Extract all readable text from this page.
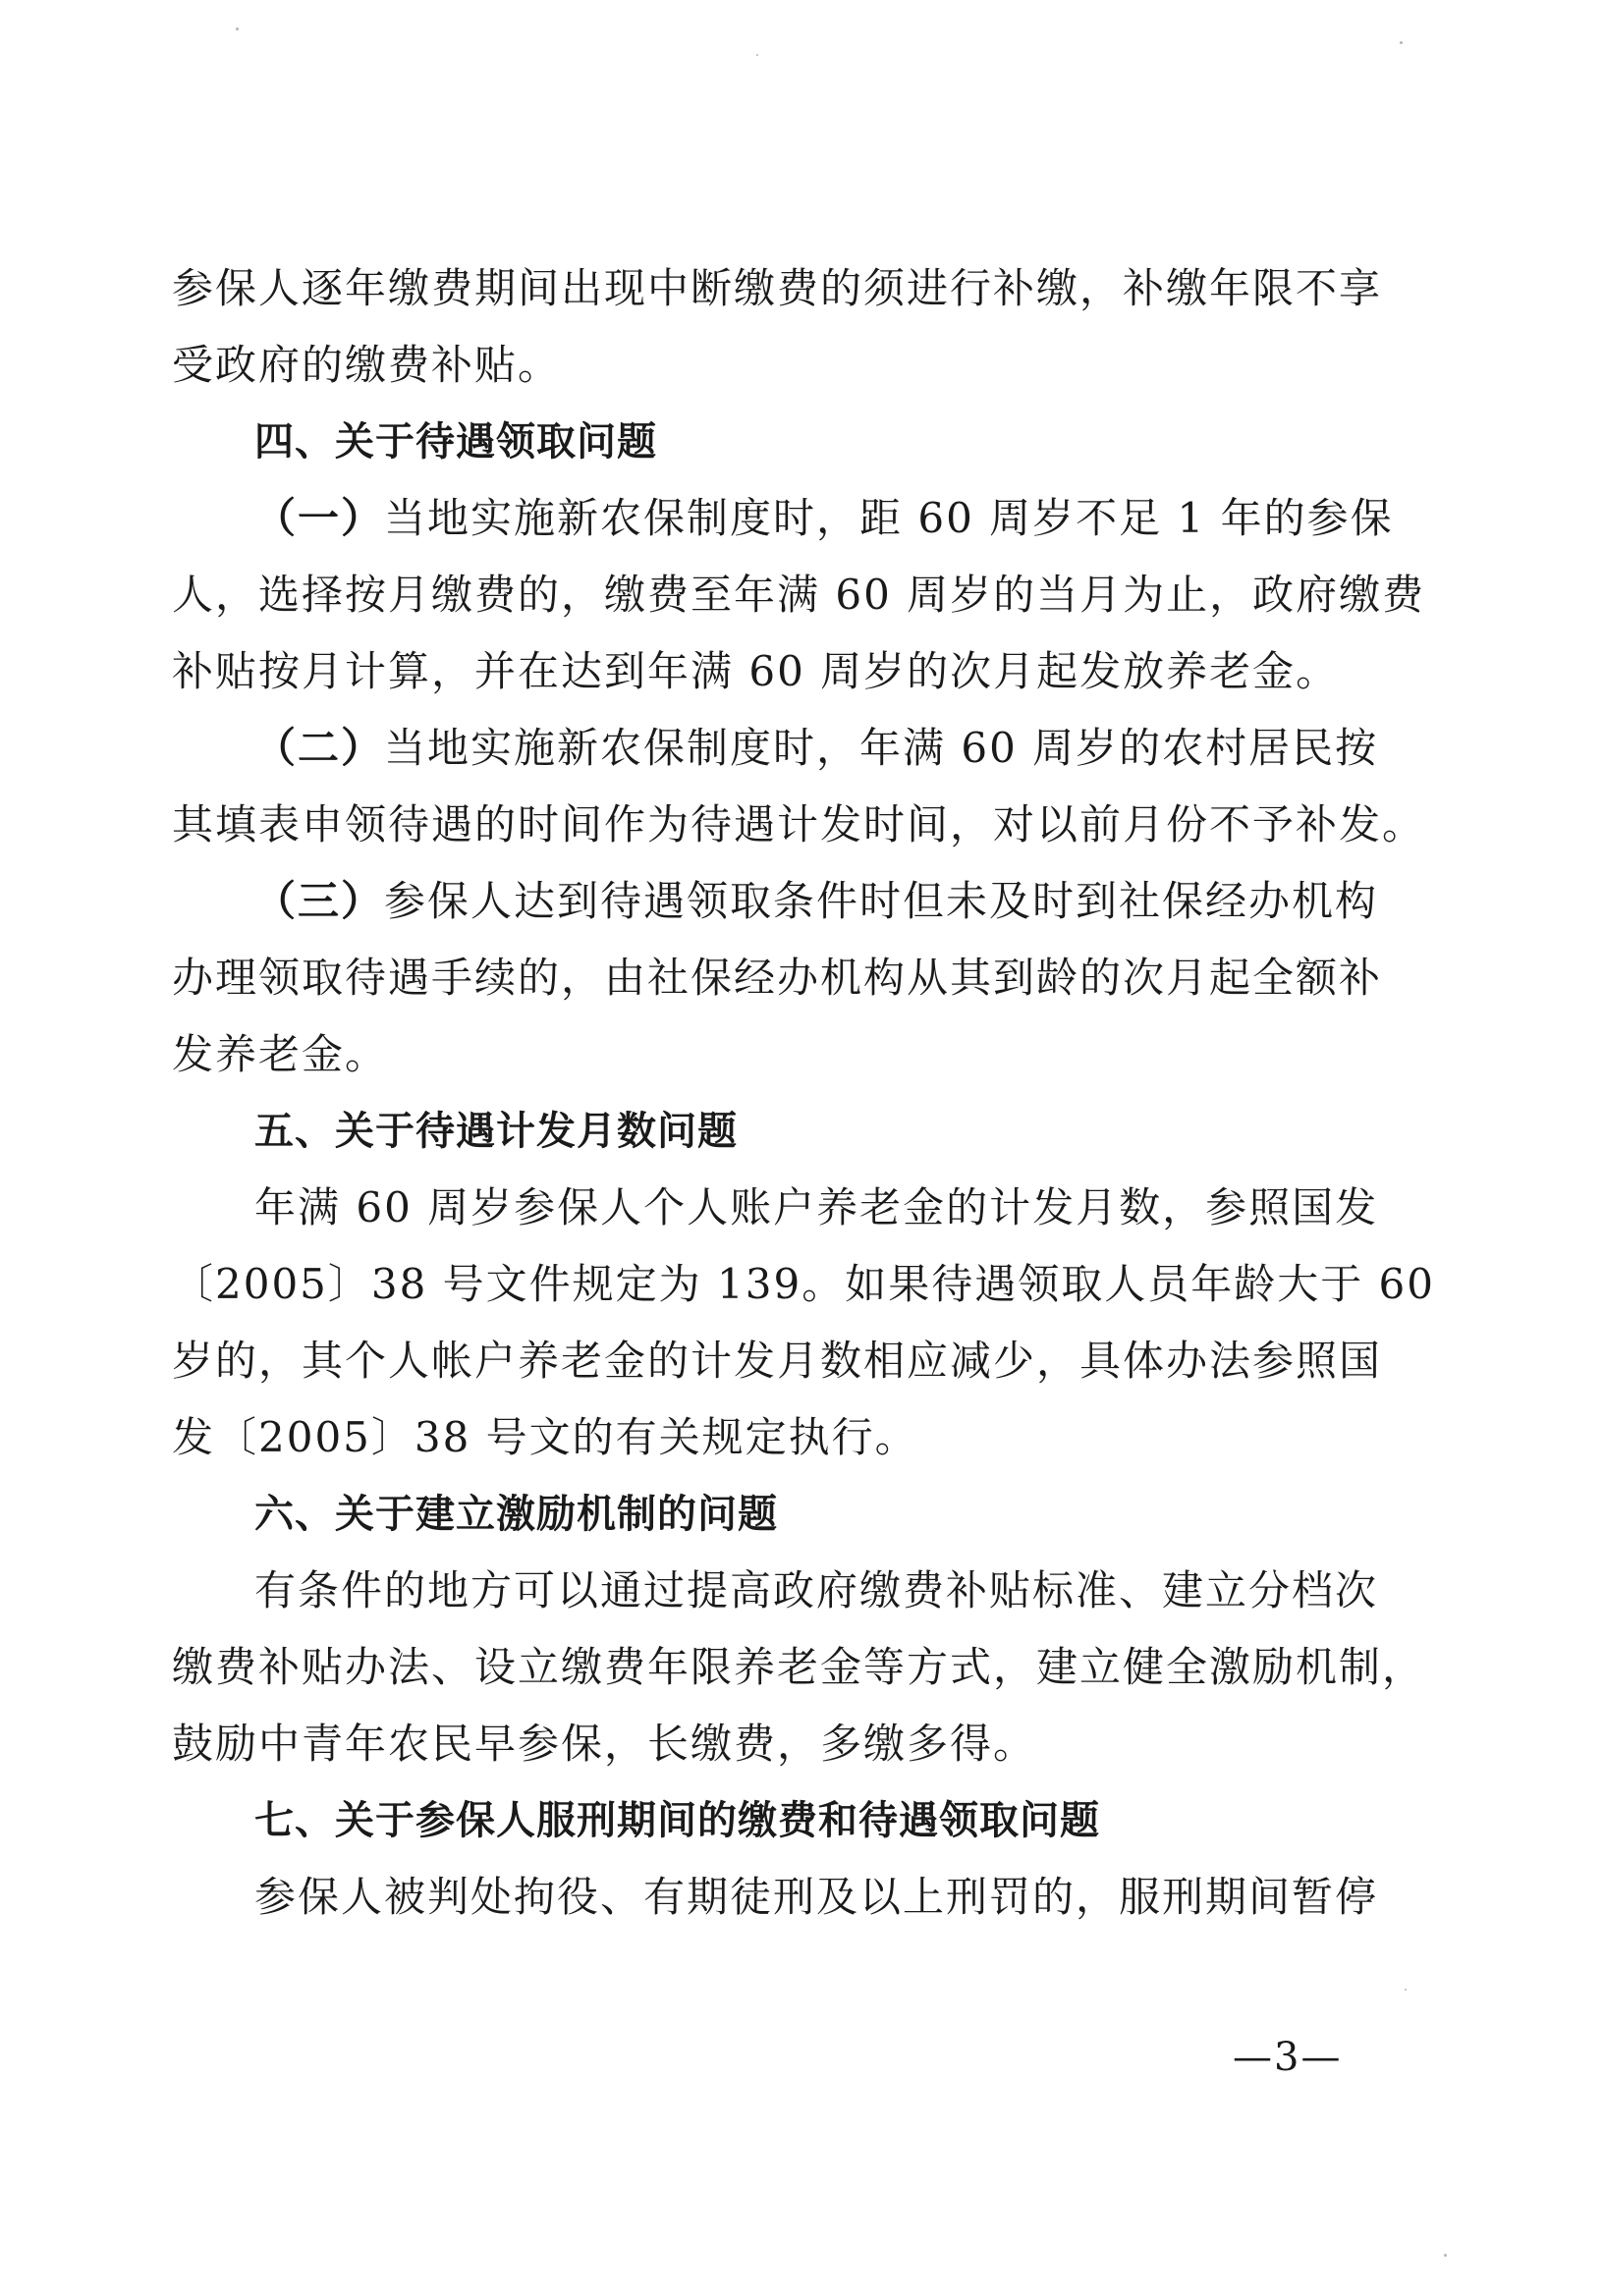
参保人逐年缴费期间出现中断缴费的须进行补缴，补缴年限不享
受政府的缴费补贴。
四、关于待遇领取问题
（一）当地实施新农保制度时，距 60 周岁不足 1 年的参保
人，选择按月缴费的，缴费至年满 60 周岁的当月为止，政府缴费
补贴按月计算，并在达到年满 60 周岁的次月起发放养老金。
（二）当地实施新农保制度时，年满 60 周岁的农村居民按
其填表申领待遇的时间作为待遇计发时间，对以前月份不予补发。
（三）参保人达到待遇领取条件时但未及时到社保经办机构
办理领取待遇手续的，由社保经办机构从其到龄的次月起全额补
发养老金。
五、关于待遇计发月数问题
年满 60 周岁参保人个人账户养老金的计发月数，参照国发
〔2005〕38 号文件规定为 139。如果待遇领取人员年龄大于 60
岁的，其个人帐户养老金的计发月数相应减少，具体办法参照国
发〔2005〕38 号文的有关规定执行。
六、关于建立激励机制的问题
有条件的地方可以通过提高政府缴费补贴标准、建立分档次
缴费补贴办法、设立缴费年限养老金等方式，建立健全激励机制，
鼓励中青年农民早参保，长缴费，多缴多得。
七、关于参保人服刑期间的缴费和待遇领取问题
参保人被判处拘役、有期徒刑及以上刑罚的，服刑期间暂停
—3—
